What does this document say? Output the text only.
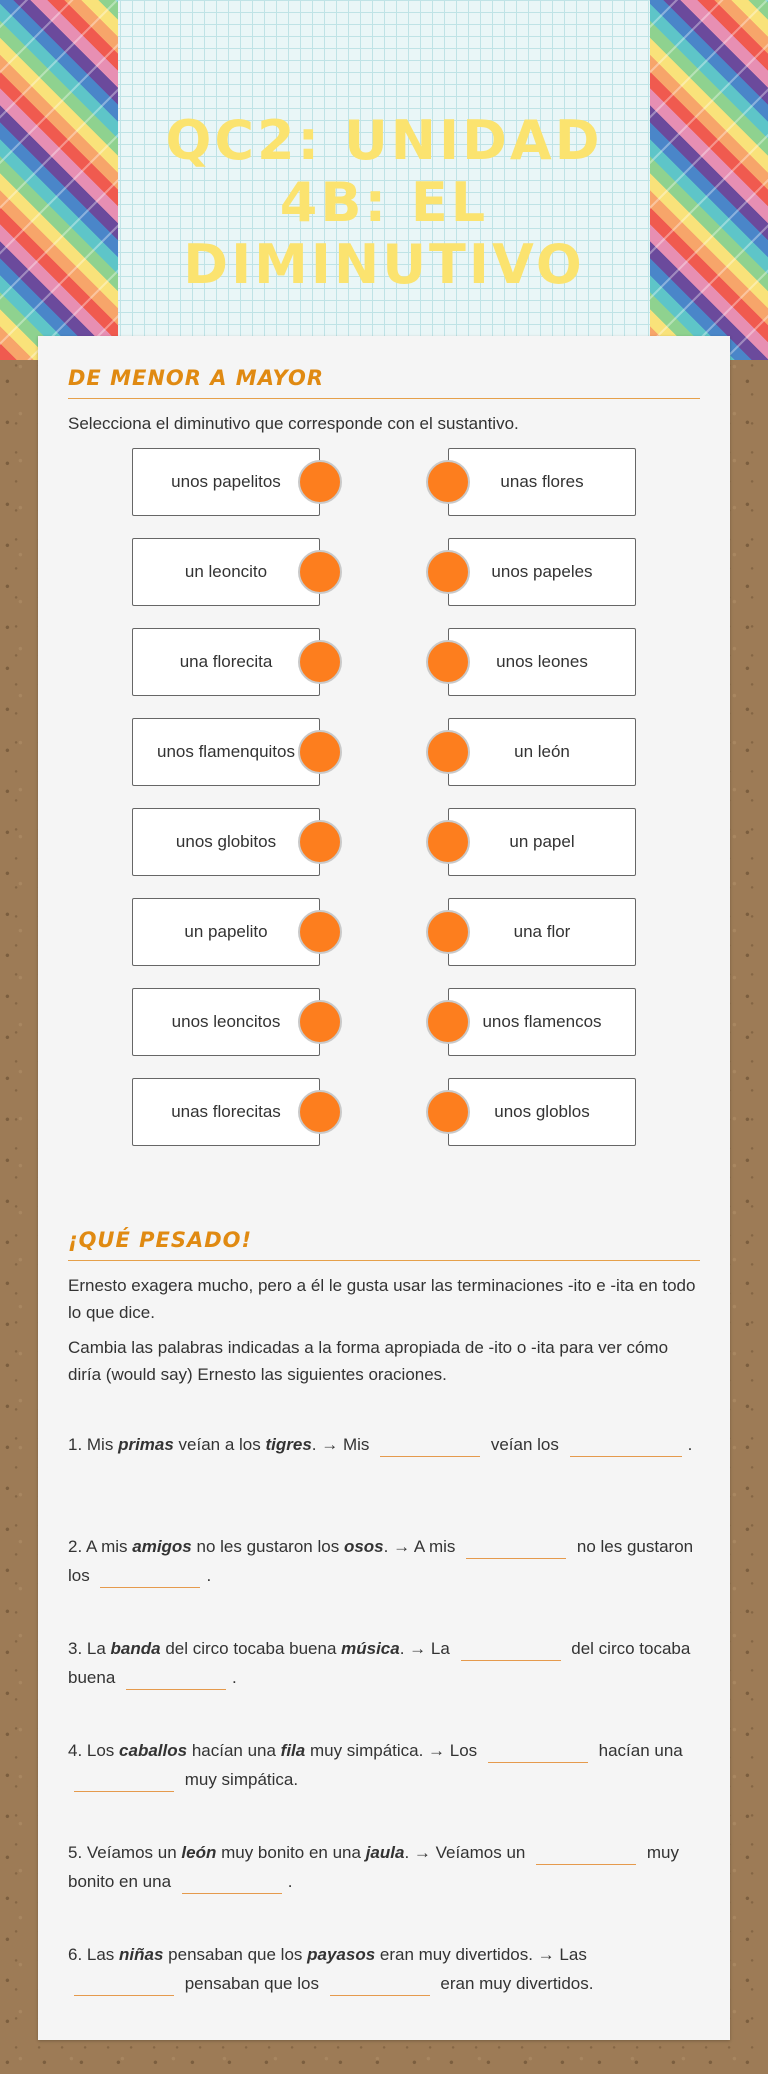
QC2: UNIDAD 4B: EL DIMINUTIVO
DE MENOR A MAYOR
Selecciona el diminutivo que corresponde con el sustantivo.
unos papelitos
un leoncito
una florecita
unos flamenquitos
unos globitos
un papelito
unos leoncitos
unas florecitas
unas flores
unos papeles
unos leones
un león
un papel
una flor
unos flamencos
unos globlos
¡QUÉ PESADO!
Ernesto exagera mucho, pero a él le gusta usar las terminaciones -ito e -ita en todo lo que dice.
Cambia las palabras indicadas a la forma apropiada de -ito o -ita para ver cómo diría (would say) Ernesto las siguientes oraciones.
1. Mis primas veían a los tigres. → Mis	veían los	.
2. A mis amigos no les gustaron los osos. → A mis	no les gustaron los	.
3. La banda del circo tocaba buena música. → La	del circo tocaba buena	.
4. Los caballos hacían una fila muy simpática. → Los	hacían una  muy simpática.
5. Veíamos un león muy bonito en una jaula. → Veíamos un	muy bonito en una	.
6. Las niñas pensaban que los payasos eran muy divertidos. → Las  pensaban que los	eran muy divertidos.
